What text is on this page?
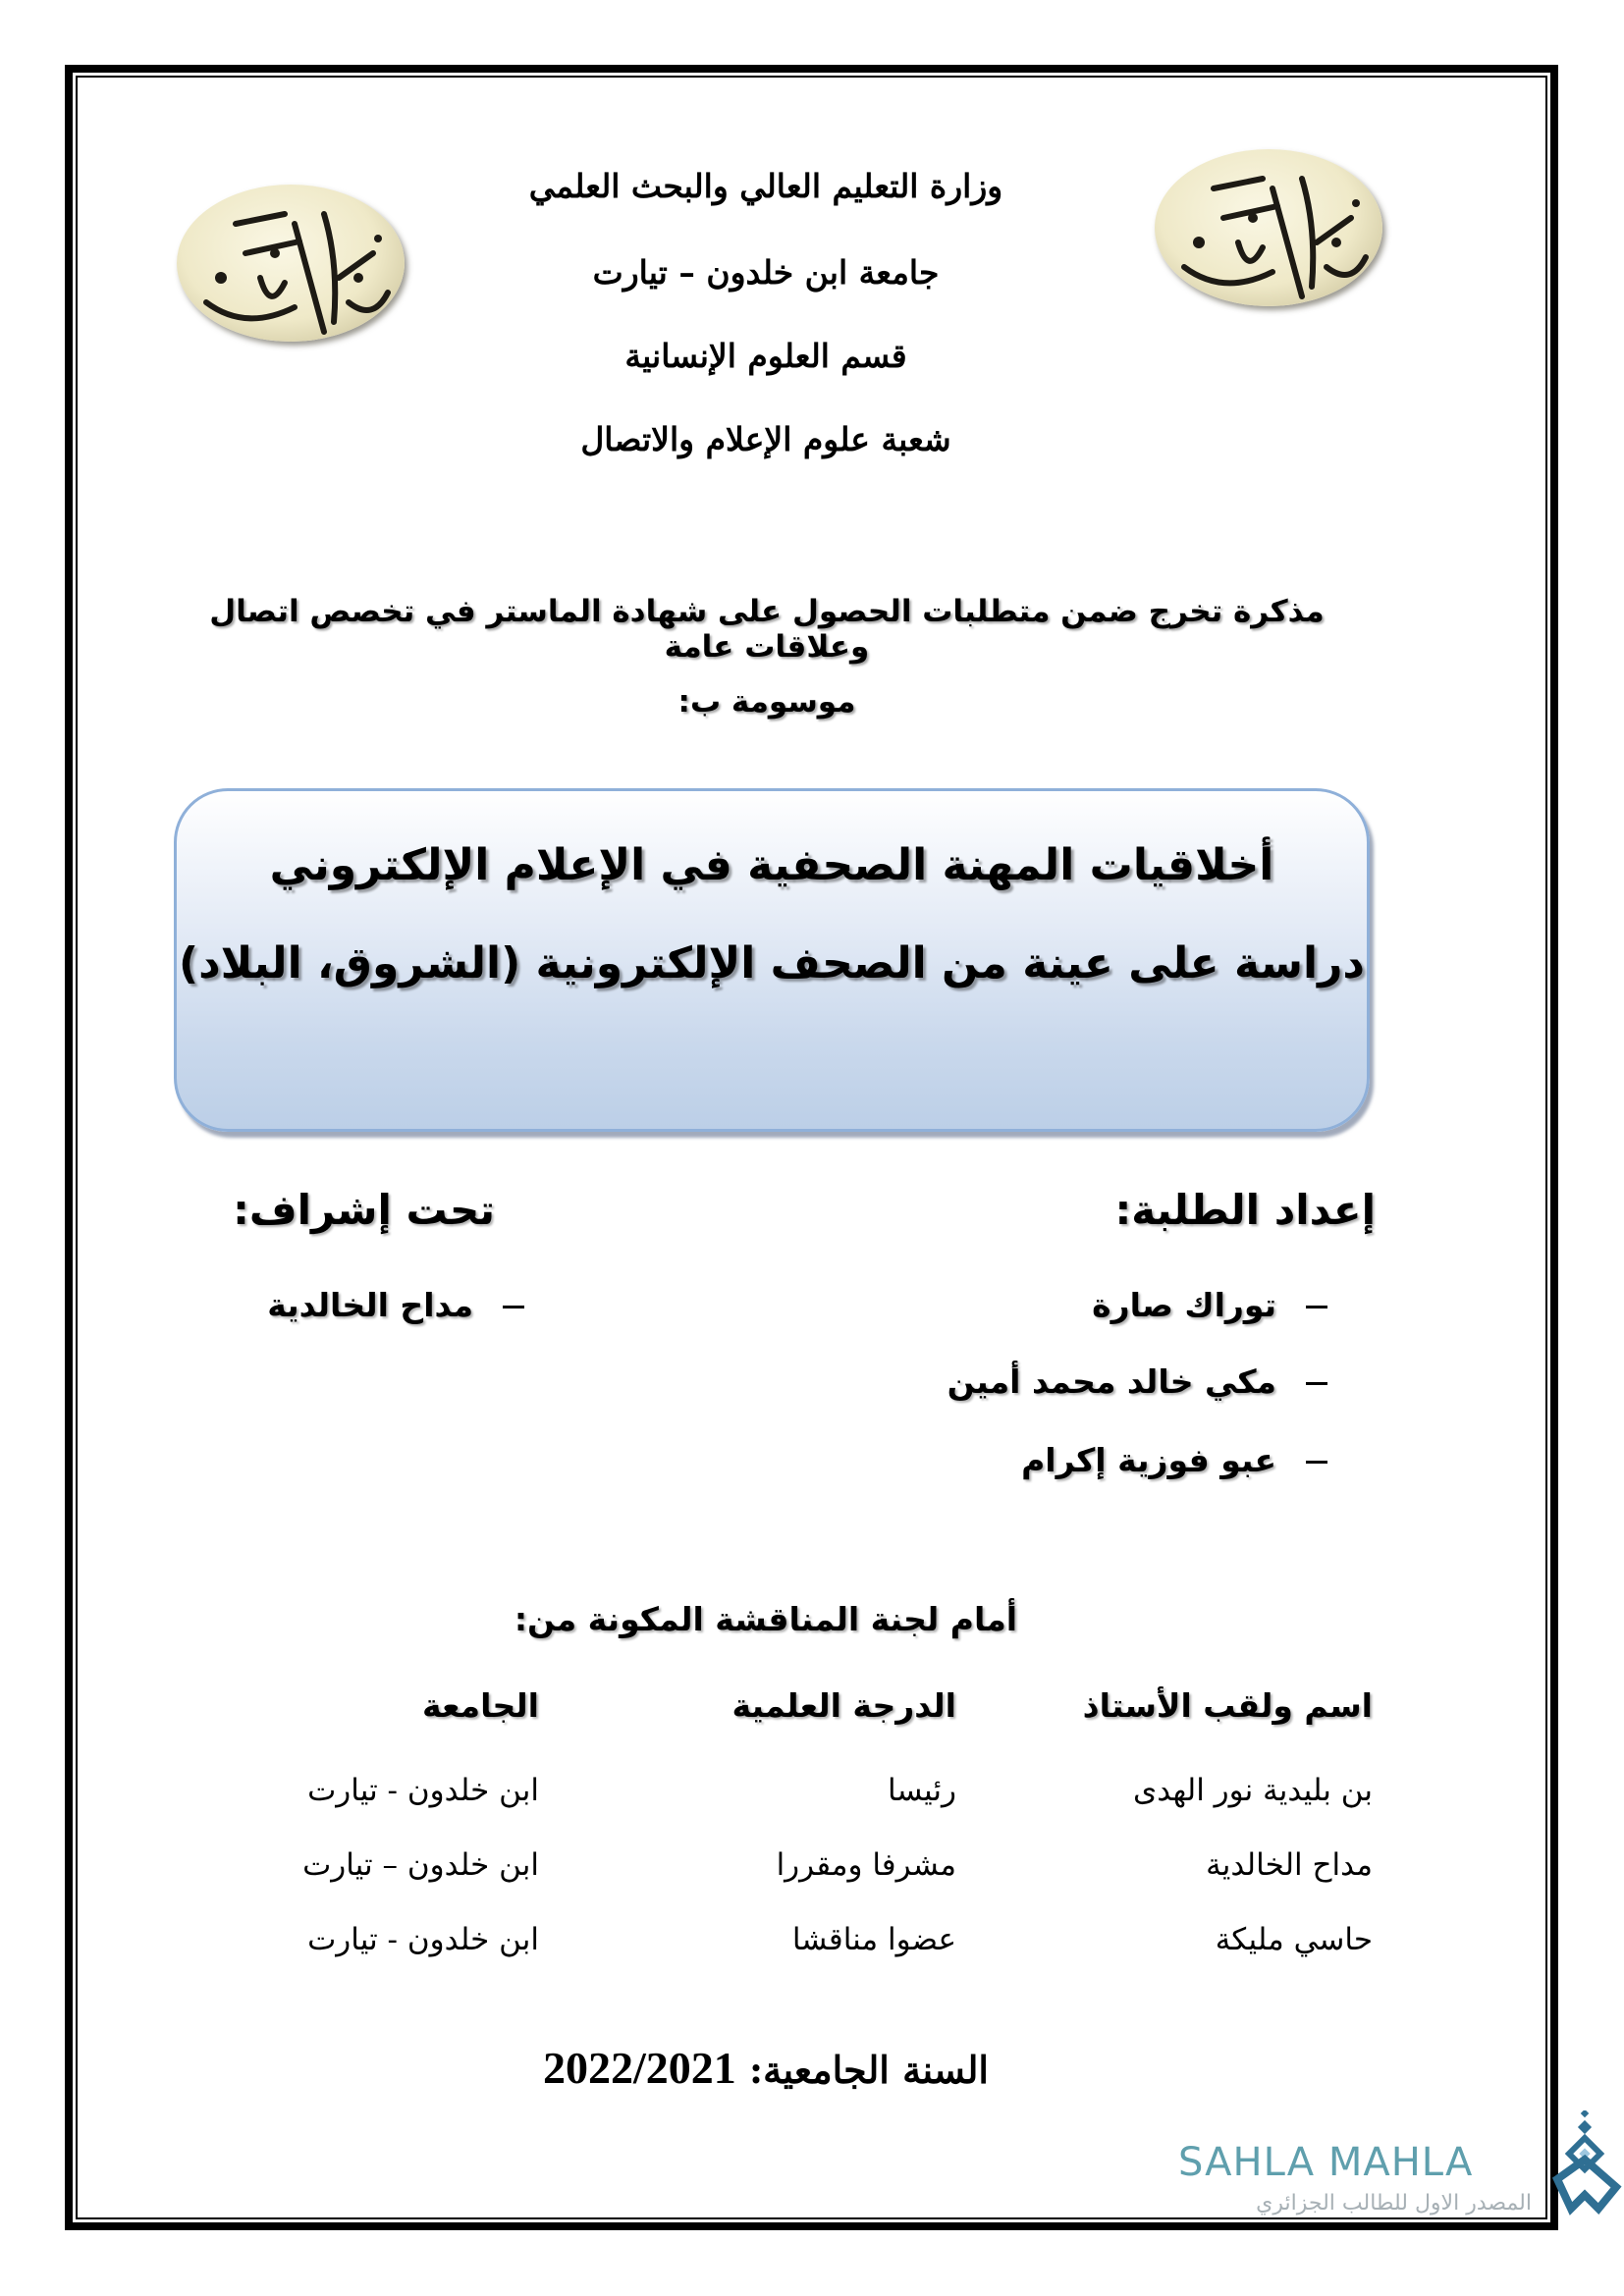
وزارة التعليم العالي والبحث العلمي
جامعة ابن خلدون – تيارت
قسم العلوم الإنسانية
شعبة علوم الإعلام والاتصال
مذكرة تخرج ضمن متطلبات الحصول على شهادة الماستر في تخصص اتصال وعلاقات عامة
موسومة ب:
أخلاقيات المهنة الصحفية في الإعلام الإلكتروني
دراسة على عينة من الصحف الإلكترونية (الشروق، البلاد)
إعداد الطلبة:
توراك صارة
مكي خالد محمد أمين
عبو فوزية إكرام
تحت إشراف:
مداح الخالدية
أمام لجنة المناقشة المكونة من:
اسم ولقب الأستاذ
الدرجة العلمية
الجامعة
بن بليدية نور الهدى
رئيسا
ابن خلدون - تيارت
مداح الخالدية
مشرفا ومقررا
ابن خلدون – تيارت
حاسي مليكة
عضوا مناقشا
ابن خلدون - تيارت
السنة الجامعية: 2022/2021
SAHLA MAHLA
المصدر الاول للطالب الجزائري
